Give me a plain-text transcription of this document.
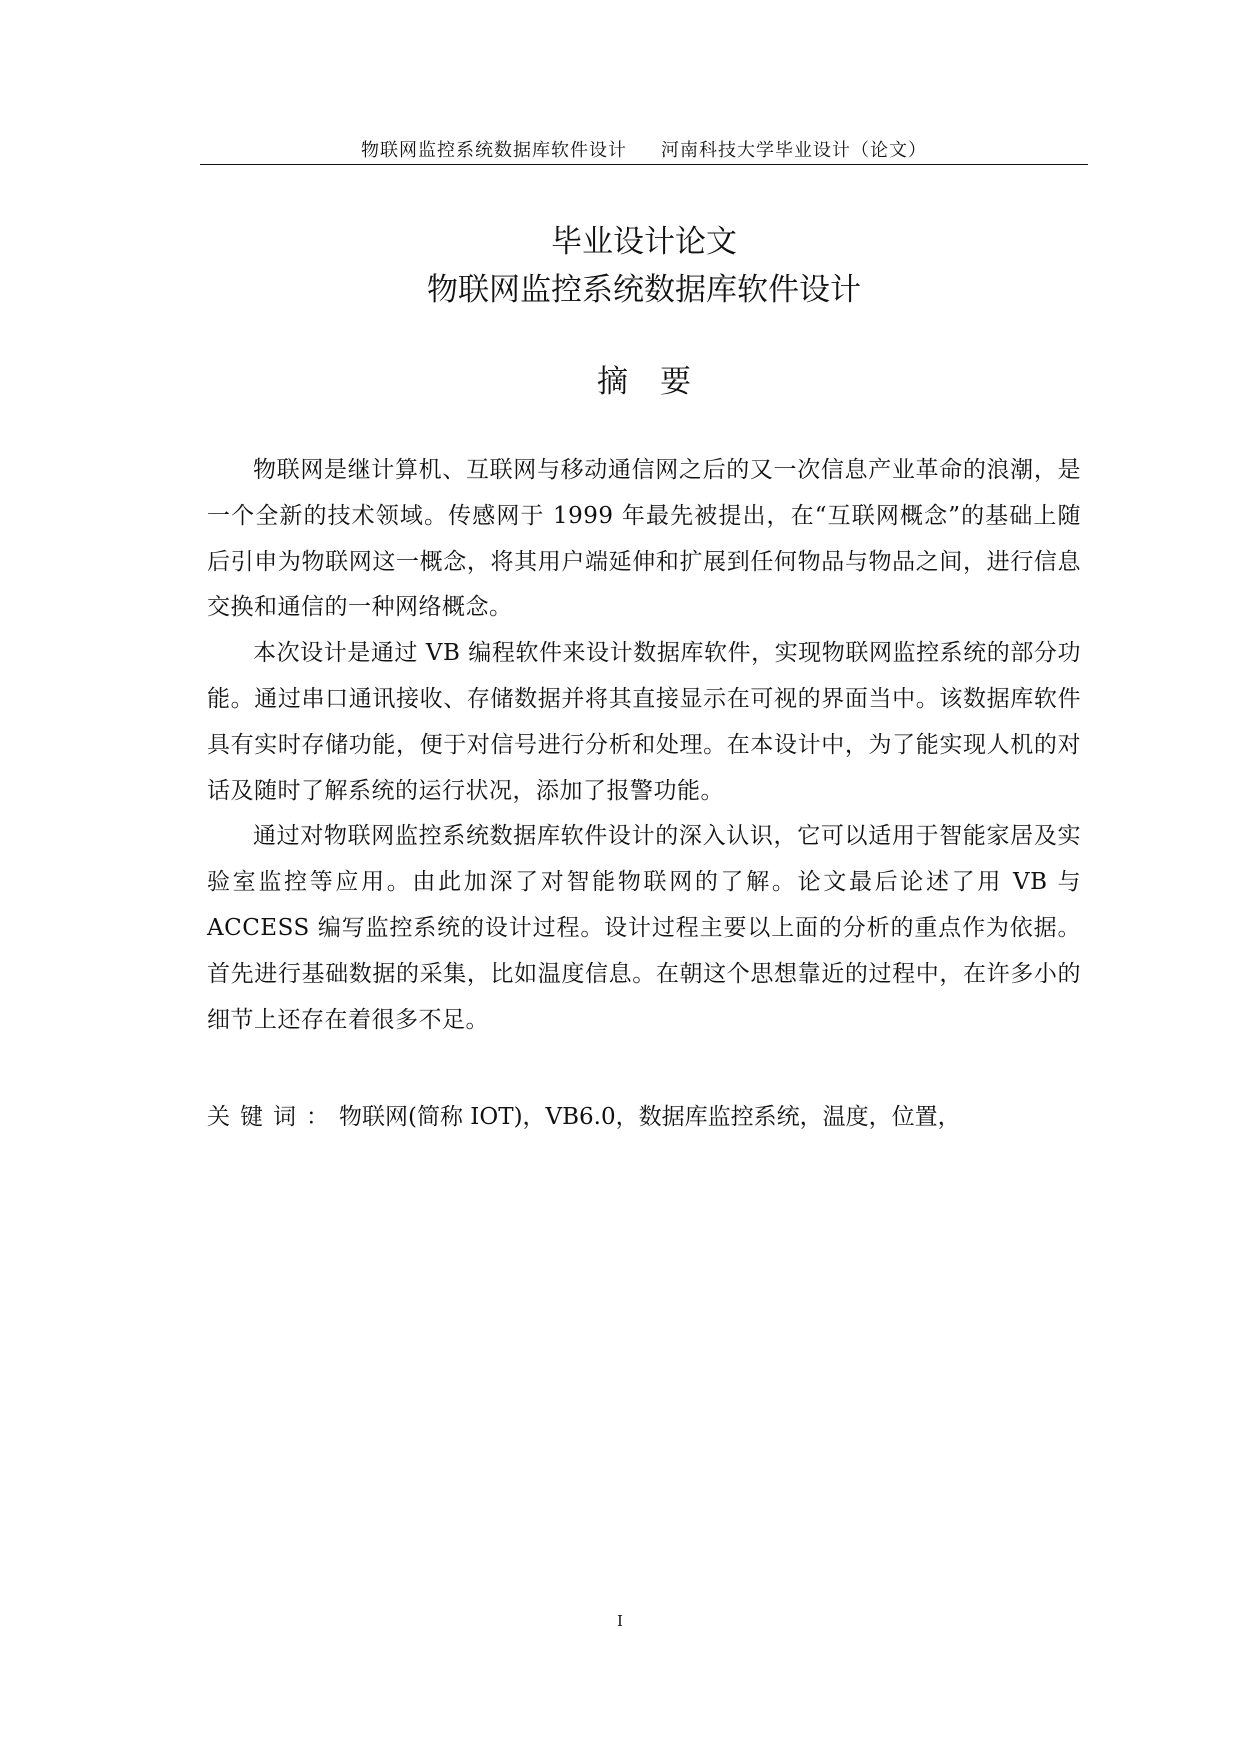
物联网监控系统数据库软件设计 河南科技大学毕业设计（论文）
毕业设计论文
物联网监控系统数据库软件设计
摘要

物联网是继计算机、互联网与移动通信网之后的又一次信息产业革命的浪潮，是一个全新的技术领域。传感网于 1999 年最先被提出，在“互联网概念”的基础上随后引申为物联网这一概念，将其用户端延伸和扩展到任何物品与物品之间，进行信息交换和通信的一种网络概念。

本次设计是通过 VB 编程软件来设计数据库软件，实现物联网监控系统的部分功能。通过串口通讯接收、存储数据并将其直接显示在可视的界面当中。该数据库软件具有实时存储功能，便于对信号进行分析和处理。在本设计中，为了能实现人机的对话及随时了解系统的运行状况，添加了报警功能。

通过对物联网监控系统数据库软件设计的深入认识，它可以适用于智能家居及实验室监控等应用。由此加深了对智能物联网的了解。论文最后论述了用 VB 与 ACCESS 编写监控系统的设计过程。设计过程主要以上面的分析的重点作为依据。首先进行基础数据的采集，比如温度信息。在朝这个思想靠近的过程中，在许多小的细节上还存在着很多不足。

关键词：物联网(简称 IOT)，VB6.0，数据库监控系统，温度，位置，
I
